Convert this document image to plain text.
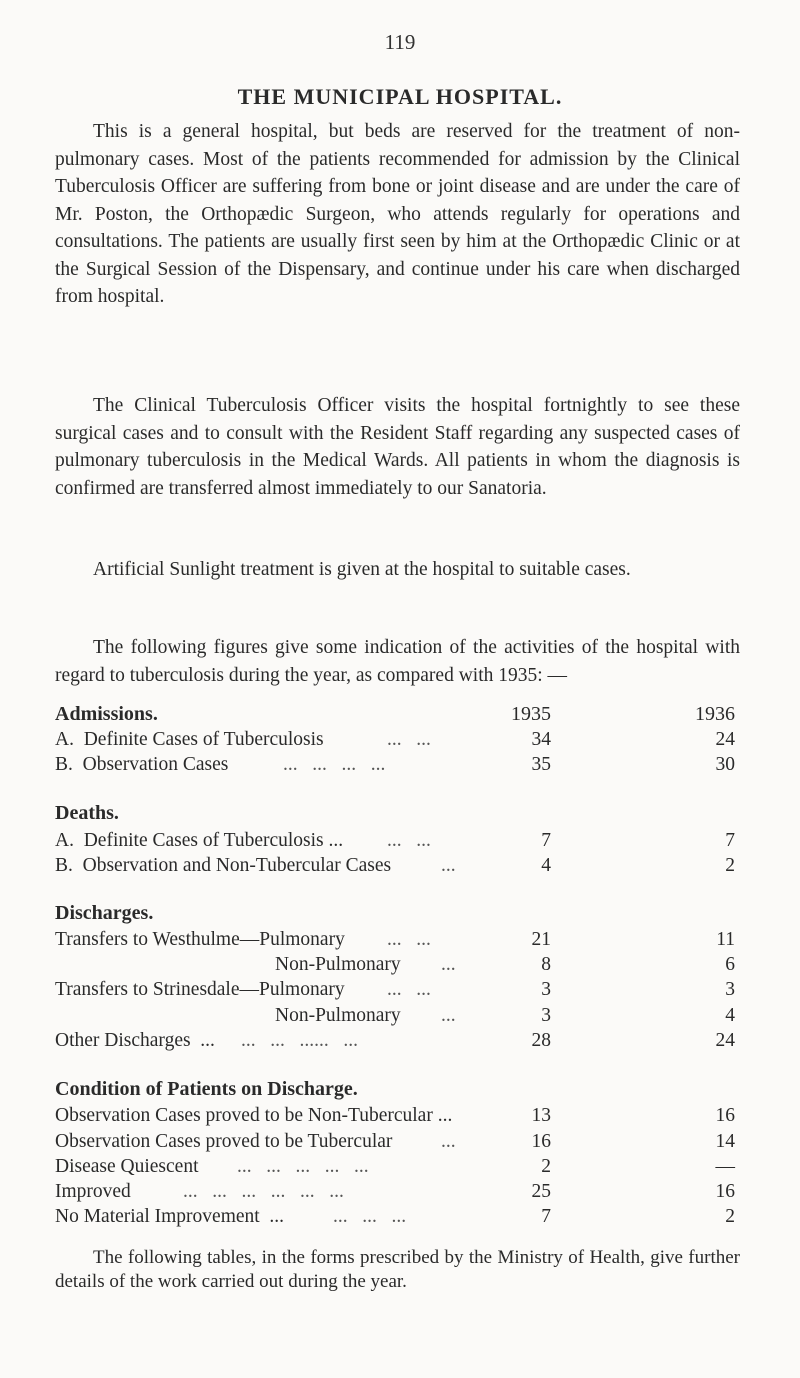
119
THE MUNICIPAL HOSPITAL.

This is a general hospital, but beds are reserved for the treatment of non-pulmonary cases. Most of the patients recommended for admission by the Clinical Tuberculosis Officer are suffering from bone or joint disease and are under the care of Mr. Poston, the Orthopædic Surgeon, who attends regularly for operations and consultations. The patients are usually first seen by him at the Orthopædic Clinic or at the Surgical Session of the Dispensary, and continue under his care when discharged from hospital.

The Clinical Tuberculosis Officer visits the hospital fortnightly to see these surgical cases and to consult with the Resident Staff regarding any suspected cases of pulmonary tuberculosis in the Medical Wards. All patients in whom the diagnosis is confirmed are transferred almost immediately to our Sanatoria.

Artificial Sunlight treatment is given at the hospital to suitable cases.

The following figures give some indication of the activities of the hospital with regard to tuberculosis during the year, as compared with 1935: —

Admissions.	1935	1936
A.  Definite Cases of Tuberculosis	...   ...	34	24
B.  Observation Cases	...   ...   ...   ...	35	30
Deaths.
A.  Definite Cases of Tuberculosis ... ...   ...	7	7
B.  Observation and Non-Tubercular Cases	...	4	2
Discharges.
Transfers to Westhulme—Pulmonary ...   ...	21	11
Non-Pulmonary ...	8	6
Transfers to Strinesdale—Pulmonary ...   ...	3	3
Non-Pulmonary ...	3	4
Other Discharges  ... ...   ...   ......   ...	28	24
Condition of Patients on Discharge.
Observation Cases proved to be Non-Tubercular ...	13	16
Observation Cases proved to be Tubercular ...	16	14
Disease Quiescent ...   ...   ...   ...   ...	2	—
Improved	...   ...   ...   ...   ...   ...	25	16
No Material Improvement  ...	...   ...   ...	7	2

The following tables, in the forms prescribed by the Ministry of Health, give further details of the work carried out during the year.
